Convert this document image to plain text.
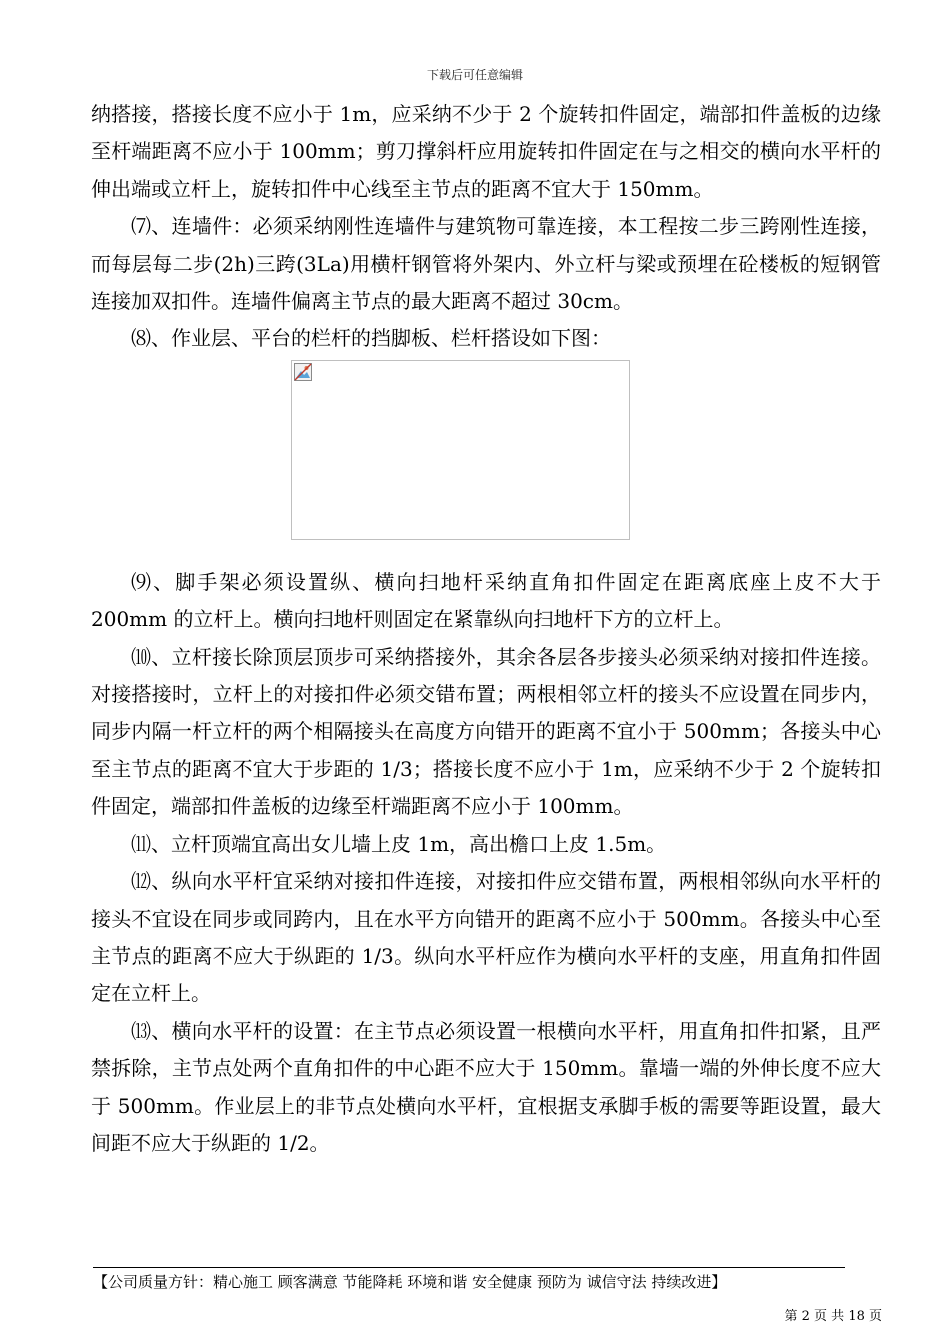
下载后可任意编辑

纳搭接，搭接长度不应小于 1m，应采纳不少于 2 个旋转扣件固定，端部扣件盖板的边缘至杆端距离不应小于 100mm；剪刀撑斜杆应用旋转扣件固定在与之相交的横向水平杆的伸出端或立杆上，旋转扣件中心线至主节点的距离不宜大于 150mm。

⑺、连墙件：必须采纳刚性连墙件与建筑物可靠连接，本工程按二步三跨刚性连接，而每层每二步(2h)三跨(3La)用横杆钢管将外架内、外立杆与梁或预埋在砼楼板的短钢管连接加双扣件。连墙件偏离主节点的最大距离不超过 30cm。

⑻、作业层、平台的栏杆的挡脚板、栏杆搭设如下图：

⑼、脚手架必须设置纵、横向扫地杆采纳直角扣件固定在距离底座上皮不大于 200mm 的立杆上。横向扫地杆则固定在紧靠纵向扫地杆下方的立杆上。

⑽、立杆接长除顶层顶步可采纳搭接外，其余各层各步接头必须采纳对接扣件连接。对接搭接时，立杆上的对接扣件必须交错布置；两根相邻立杆的接头不应设置在同步内，同步内隔一杆立杆的两个相隔接头在高度方向错开的距离不宜小于 500mm；各接头中心至主节点的距离不宜大于步距的 1/3；搭接长度不应小于 1m，应采纳不少于 2 个旋转扣件固定，端部扣件盖板的边缘至杆端距离不应小于 100mm。

⑾、立杆顶端宜高出女儿墙上皮 1m，高出檐口上皮 1.5m。

⑿、纵向水平杆宜采纳对接扣件连接，对接扣件应交错布置，两根相邻纵向水平杆的接头不宜设在同步或同跨内，且在水平方向错开的距离不应小于 500mm。各接头中心至主节点的距离不应大于纵距的 1/3。纵向水平杆应作为横向水平杆的支座，用直角扣件固定在立杆上。

⒀、横向水平杆的设置：在主节点必须设置一根横向水平杆，用直角扣件扣紧，且严禁拆除，主节点处两个直角扣件的中心距不应大于 150mm。靠墙一端的外伸长度不应大于 500mm。作业层上的非节点处横向水平杆，宜根据支承脚手板的需要等距设置，最大间距不应大于纵距的 1/2。

【公司质量方针：精心施工 顾客满意 节能降耗 环境和谐 安全健康 预防为 诚信守法 持续改进】
第 2 页 共 18 页
